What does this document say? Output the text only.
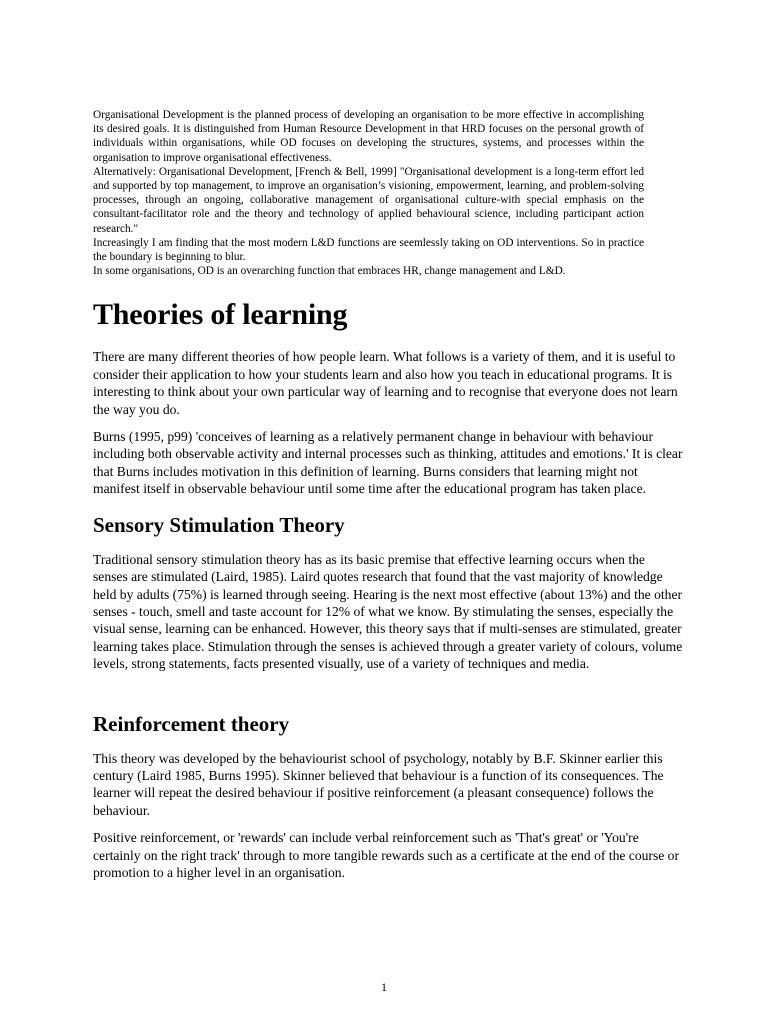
Organisational Development is the planned process of developing an organisation to be more effective in accomplishing its desired goals. It is distinguished from Human Resource Development in that HRD focuses on the personal growth of individuals within organisations, while OD focuses on developing the structures, systems, and processes within the organisation to improve organisational effectiveness.

Alternatively: Organisational Development, [French & Bell, 1999] "Organisational development is a long-term effort led and supported by top management, to improve an organisation’s visioning, empowerment, learning, and problem-solving processes, through an ongoing, collaborative management of organisational culture-with special emphasis on the consultant-facilitator role and the theory and technology of applied behavioural science, including participant action research."

Increasingly I am finding that the most modern L&D functions are seemlessly taking on OD interventions. So in practice the boundary is beginning to blur.

In some organisations, OD is an overarching function that embraces HR, change management and L&D.

Theories of learning

There are many different theories of how people learn. What follows is a variety of them, and it is useful to consider their application to how your students learn and also how you teach in educational programs. It is interesting to think about your own particular way of learning and to recognise that everyone does not learn the way you do.

Burns (1995, p99) 'conceives of learning as a relatively permanent change in behaviour with behaviour including both observable activity and internal processes such as thinking, attitudes and emotions.' It is clear that Burns includes motivation in this definition of learning. Burns considers that learning might not manifest itself in observable behaviour until some time after the educational program has taken place.

Sensory Stimulation Theory

Traditional sensory stimulation theory has as its basic premise that effective learning occurs when the senses are stimulated (Laird, 1985). Laird quotes research that found that the vast majority of knowledge held by adults (75%) is learned through seeing. Hearing is the next most effective (about 13%) and the other senses - touch, smell and taste account for 12% of what we know. By stimulating the senses, especially the visual sense, learning can be enhanced. However, this theory says that if multi-senses are stimulated, greater learning takes place. Stimulation through the senses is achieved through a greater variety of colours, volume levels, strong statements, facts presented visually, use of a variety of techniques and media.

Reinforcement theory

This theory was developed by the behaviourist school of psychology, notably by B.F. Skinner earlier this century (Laird 1985, Burns 1995). Skinner believed that behaviour is a function of its consequences. The learner will repeat the desired behaviour if positive reinforcement (a pleasant consequence) follows the behaviour.

Positive reinforcement, or 'rewards' can include verbal reinforcement such as 'That's great' or 'You're certainly on the right track' through to more tangible rewards such as a certificate at the end of the course or promotion to a higher level in an organisation.

1
